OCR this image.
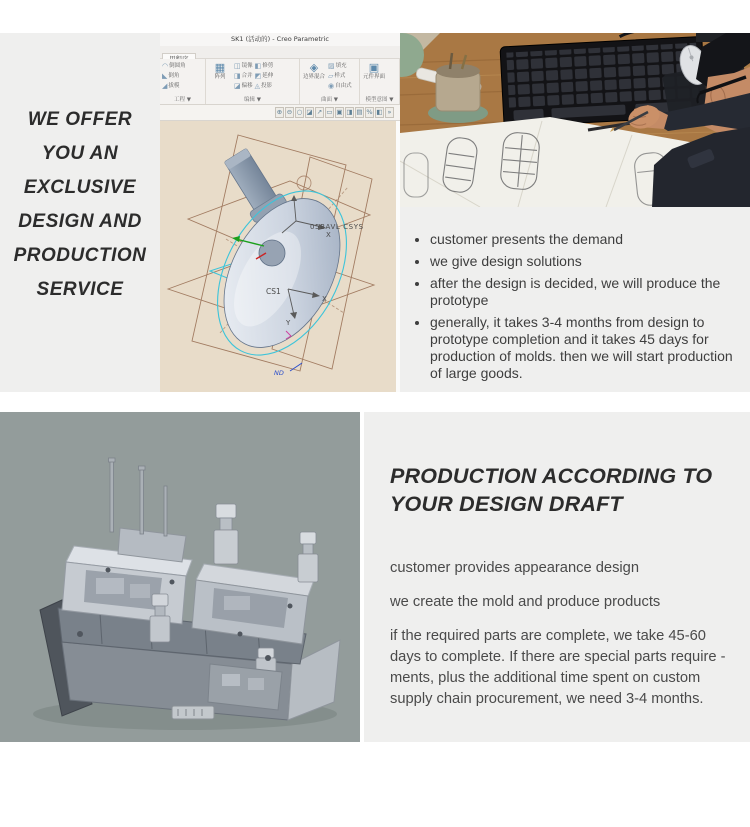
WE OFFER
YOU AN
EXCLUSIVE
DESIGN AND
PRODUCTION
SERVICE
SK1 (活动的) - Creo Parametric
◠ 倒圆角
◣ 倒角
◢ 拔模
工程 ▼
▦
阵列
◫ 镜像
◨ 合并
◪ 偏移
◧ 修剪
◩ 延伸
◬ 投影
编辑 ▼
◈
边界混合
▨ 填充
▱ 样式
◉ 自由式
曲面 ▼
▣
元件界面
模型意图 ▼
⊕ ⊖ ○ ◪ ↗ ▭ ▣ ◨ ▤ % ◧ »
05BAVL CSYS
X
CS1
X
Y
ND
• customer presents the demand
• we give design solutions
• after the design is decided, we will produce the prototype
• generally, it takes 3-4 months from design to prototype completion and it takes 45 days for production of molds. then we will start production of large goods.
PRODUCTION ACCORDING TO
YOUR DESIGN DRAFT

customer provides appearance design

we create the mold and produce products

if the required parts are complete, we take 45-60 days to complete. If there are special parts require -ments, plus the additional time spent on custom supply chain procurement, we need 3-4 months.
